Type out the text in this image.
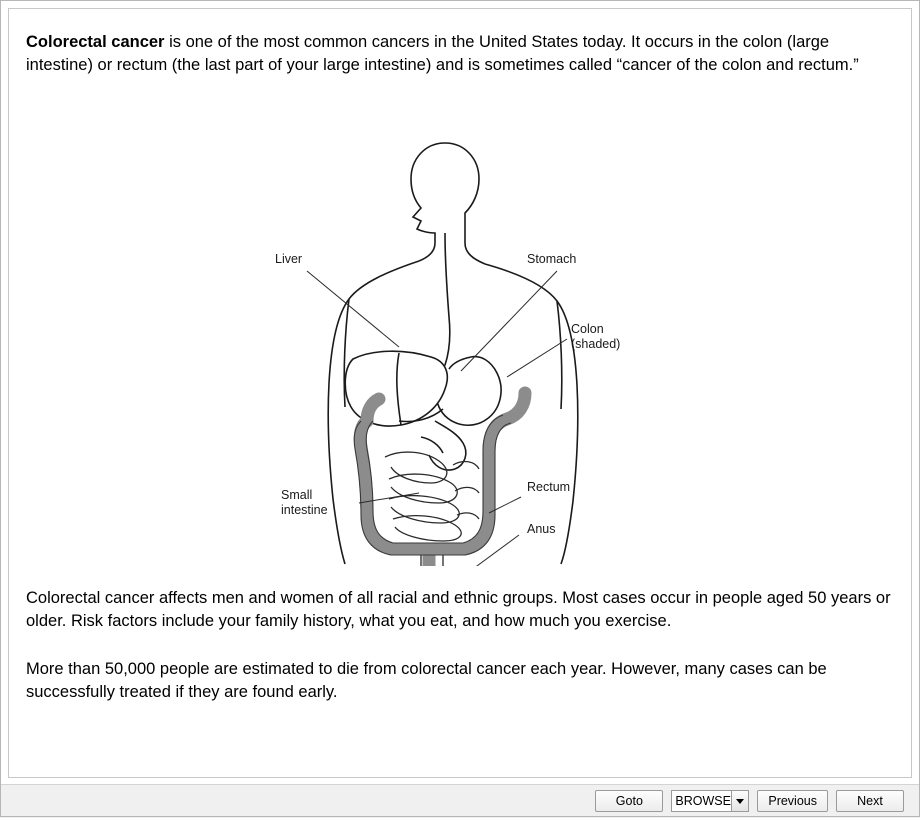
Colorectal cancer is one of the most common cancers in the United States today. It occurs in the colon (large intestine) or rectum (the last part of your large intestine) and is sometimes called “cancer of the colon and rectum.”

Liver	Stomach
Colon
(shaded)
Small
intestine
Rectum
Anus

Colorectal cancer affects men and women of all racial and ethnic groups. Most cases occur in people aged 50 years or older. Risk factors include your family history, what you eat, and how much you exercise.

More than 50,000 people are estimated to die from colorectal cancer each year. However, many cases can be successfully treated if they are found early.

Goto	BROWSE	Previous	Next
